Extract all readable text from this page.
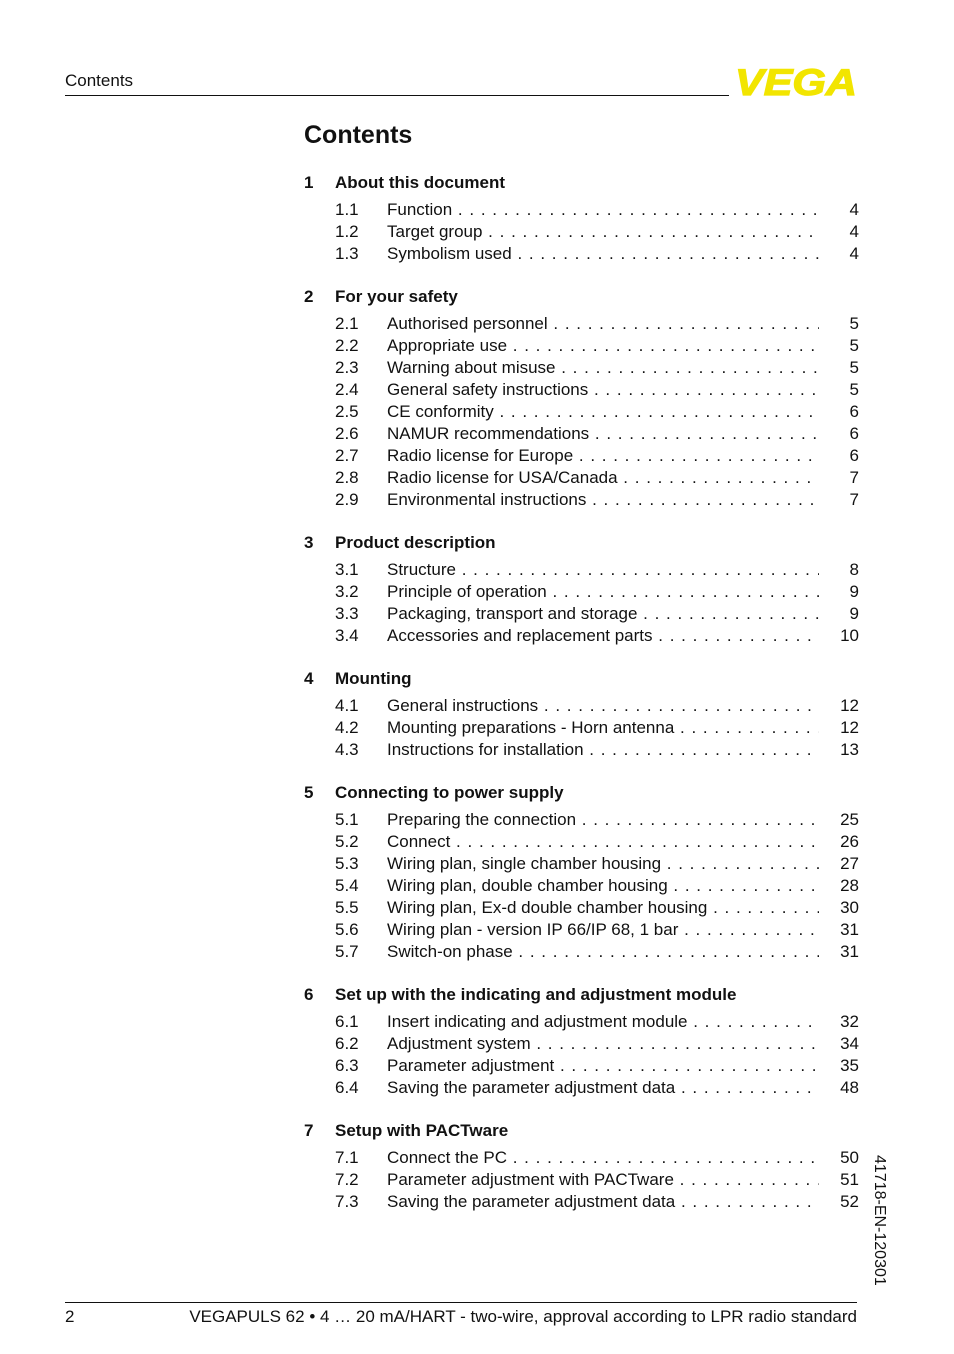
Contents	VEGA
Contents
1 About this document
1.1 Function . . .	4
1.2 Target group . . .	4
1.3 Symbolism used . . .	4
2 For your safety
2.1 Authorised personnel . . .	5
2.2 Appropriate use . . .	5
2.3 Warning about misuse . . .	5
2.4 General safety instructions . . .	5
2.5 CE conformity . . .	6
2.6 NAMUR recommendations . . .	6
2.7 Radio license for Europe . . .	6
2.8 Radio license for USA/Canada . . .	7
2.9 Environmental instructions . . .	7
3 Product description
3.1 Structure . . .	8
3.2 Principle of operation . . .	9
3.3 Packaging, transport and storage . . .	9
3.4 Accessories and replacement parts . . .	10
4 Mounting
4.1 General instructions . . .	12
4.2 Mounting preparations - Horn antenna . . .	12
4.3 Instructions for installation . . .	13
5 Connecting to power supply
5.1 Preparing the connection . . .	25
5.2 Connect . . .	26
5.3 Wiring plan, single chamber housing . . .	27
5.4 Wiring plan, double chamber housing . . .	28
5.5 Wiring plan, Ex-d double chamber housing . . .	30
5.6 Wiring plan - version IP 66/IP 68, 1 bar . . .	31
5.7 Switch-on phase . . .	31
6 Set up with the indicating and adjustment module
6.1 Insert indicating and adjustment module . . .	32
6.2 Adjustment system . . .	34
6.3 Parameter adjustment . . .	35
6.4 Saving the parameter adjustment data . . .	48
7 Setup with PACTware
7.1 Connect the PC . . .	50
7.2 Parameter adjustment with PACTware . . .	51
7.3 Saving the parameter adjustment data . . .	52 41718-EN-120301
2	VEGAPULS 62 • 4 … 20 mA/HART - two-wire, approval according to LPR radio standard
